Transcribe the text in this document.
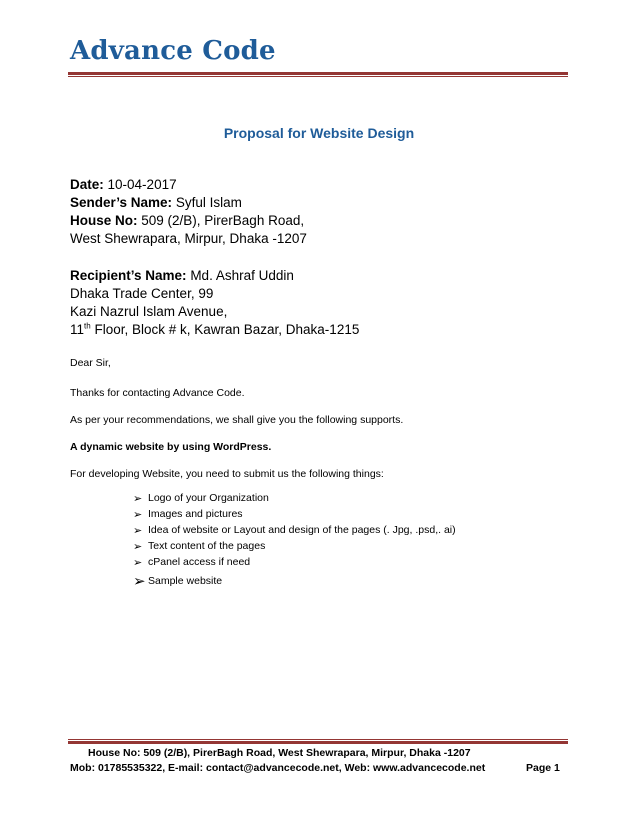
Advance Code
Proposal for Website Design
Date: 10-04-2017
Sender’s Name: Syful Islam
House No: 509 (2/B), PirerBagh Road,
West Shewrapara, Mirpur, Dhaka -1207
Recipient’s Name: Md. Ashraf Uddin
Dhaka Trade Center, 99
Kazi Nazrul Islam Avenue,
11th Floor, Block # k, Kawran Bazar, Dhaka-1215
Dear Sir,
Thanks for contacting Advance Code.
As per your recommendations, we shall give you the following supports.
A dynamic website by using WordPress.
For developing Website, you need to submit us the following things:
➢ Logo of your Organization
➢ Images and pictures
➢ Idea of website or Layout and design of the pages (. Jpg, .psd,. ai)
➢ Text content of the pages
➢ cPanel access if need
➢ Sample website
House No: 509 (2/B), PirerBagh Road, West Shewrapara, Mirpur, Dhaka -1207
Mob: 01785535322, E-mail: contact@advancecode.net, Web: www.advancecode.net	Page 1
